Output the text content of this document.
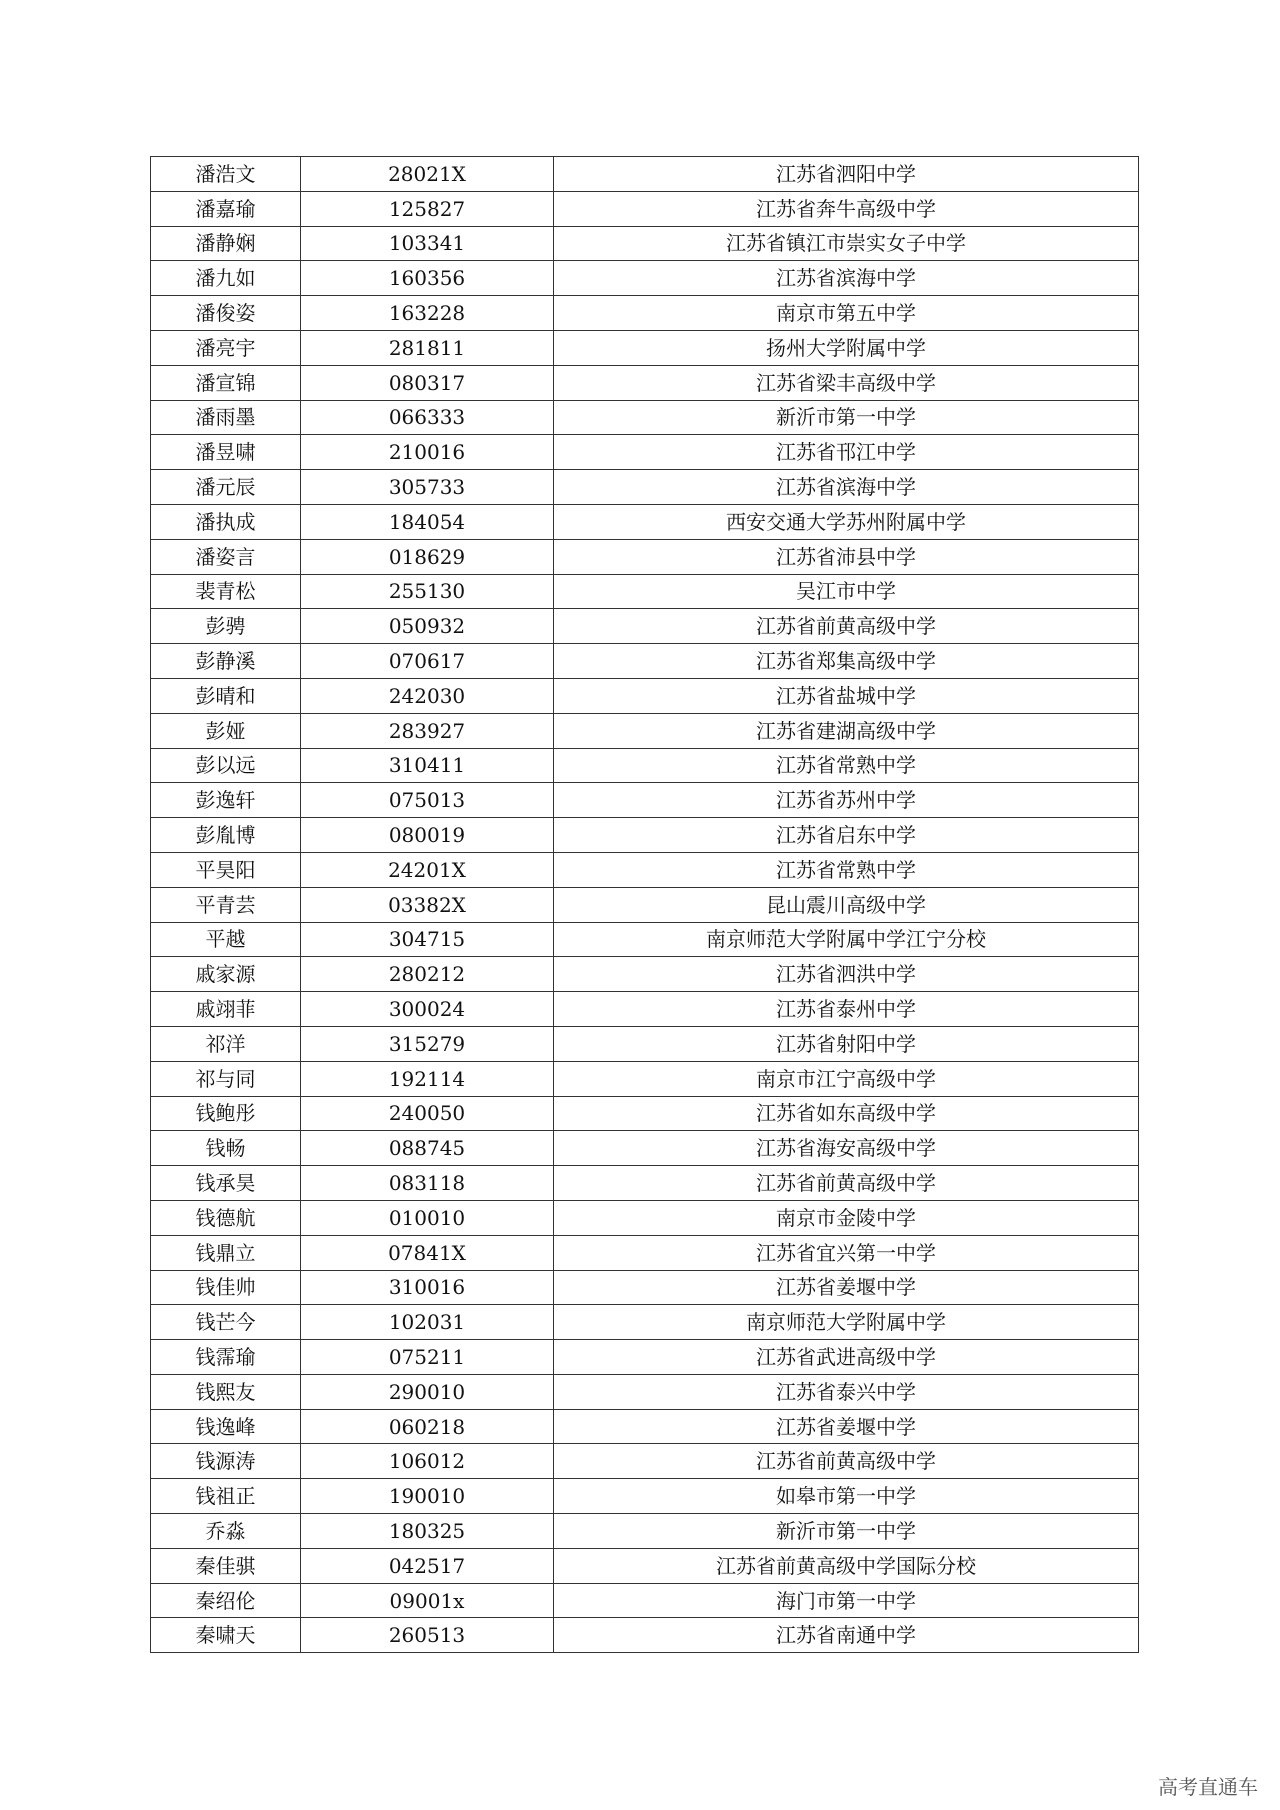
潘浩文	28021X	江苏省泗阳中学
潘嘉瑜	125827	江苏省奔牛高级中学
潘静娴	103341	江苏省镇江市崇实女子中学
潘九如	160356	江苏省滨海中学
潘俊姿	163228	南京市第五中学
潘亮宇	281811	扬州大学附属中学
潘宣锦	080317	江苏省梁丰高级中学
潘雨墨	066333	新沂市第一中学
潘昱啸	210016	江苏省邗江中学
潘元辰	305733	江苏省滨海中学
潘执成	184054	西安交通大学苏州附属中学
潘姿言	018629	江苏省沛县中学
裴青松	255130	吴江市中学
彭骋	050932	江苏省前黄高级中学
彭静溪	070617	江苏省郑集高级中学
彭晴和	242030	江苏省盐城中学
彭娅	283927	江苏省建湖高级中学
彭以远	310411	江苏省常熟中学
彭逸轩	075013	江苏省苏州中学
彭胤博	080019	江苏省启东中学
平昊阳	24201X	江苏省常熟中学
平青芸	03382X	昆山震川高级中学
平越	304715	南京师范大学附属中学江宁分校
戚家源	280212	江苏省泗洪中学
戚翊菲	300024	江苏省泰州中学
祁洋	315279	江苏省射阳中学
祁与同	192114	南京市江宁高级中学
钱鲍彤	240050	江苏省如东高级中学
钱畅	088745	江苏省海安高级中学
钱承昊	083118	江苏省前黄高级中学
钱德航	010010	南京市金陵中学
钱鼎立	07841X	江苏省宜兴第一中学
钱佳帅	310016	江苏省姜堰中学
钱芒今	102031	南京师范大学附属中学
钱霈瑜	075211	江苏省武进高级中学
钱熙友	290010	江苏省泰兴中学
钱逸峰	060218	江苏省姜堰中学
钱源涛	106012	江苏省前黄高级中学
钱祖正	190010	如皋市第一中学
乔淼	180325	新沂市第一中学
秦佳骐	042517	江苏省前黄高级中学国际分校
秦绍伦	09001x	海门市第一中学
秦啸天	260513	江苏省南通中学
高考直通车
